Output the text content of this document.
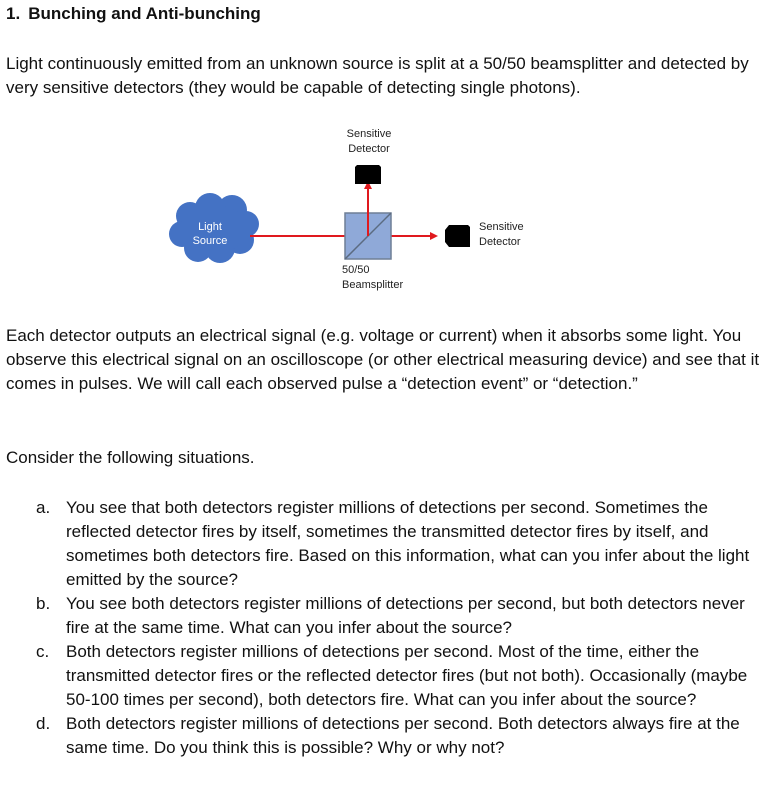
1. Bunching and Anti-bunching
Light continuously emitted from an unknown source is split at a 50/50 beamsplitter and detected by very sensitive detectors (they would be capable of detecting single photons).
Light
Source
Sensitive
Detector
Sensitive
Detector
50/50
Beamsplitter
Each detector outputs an electrical signal (e.g. voltage or current) when it absorbs some light. You observe this electrical signal on an oscilloscope (or other electrical measuring device) and see that it comes in pulses. We will call each observed pulse a “detection event” or “detection.”
Consider the following situations.
a. You see that both detectors register millions of detections per second. Sometimes the reflected detector fires by itself, sometimes the transmitted detector fires by itself, and sometimes both detectors fire. Based on this information, what can you infer about the light emitted by the source?
b. You see both detectors register millions of detections per second, but both detectors never fire at the same time. What can you infer about the source?
c. Both detectors register millions of detections per second. Most of the time, either the transmitted detector fires or the reflected detector fires (but not both). Occasionally (maybe 50-100 times per second), both detectors fire. What can you infer about the source?
d. Both detectors register millions of detections per second. Both detectors always fire at the same time. Do you think this is possible? Why or why not?
